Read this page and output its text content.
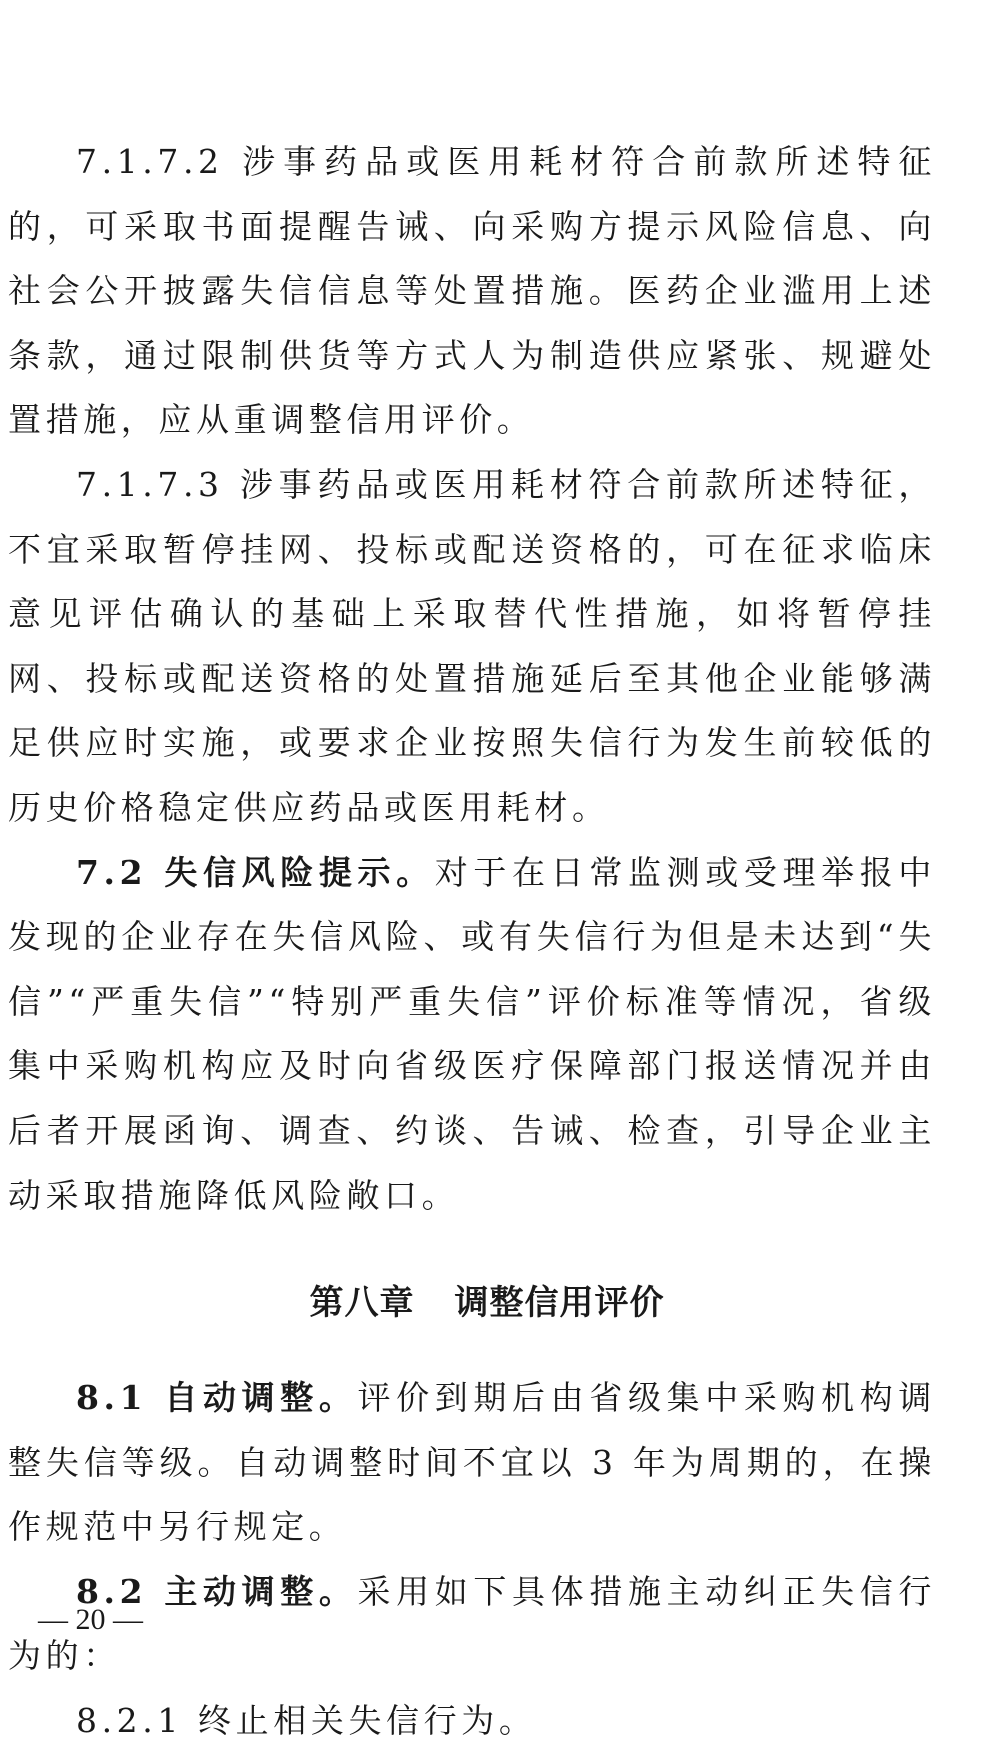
7.1.7.2 涉事药品或医用耗材符合前款所述特征的，可采取书面提醒告诫、向采购方提示风险信息、向社会公开披露失信信息等处置措施。医药企业滥用上述条款，通过限制供货等方式人为制造供应紧张、规避处置措施，应从重调整信用评价。

7.1.7.3 涉事药品或医用耗材符合前款所述特征，不宜采取暂停挂网、投标或配送资格的，可在征求临床意见评估确认的基础上采取替代性措施，如将暂停挂网、投标或配送资格的处置措施延后至其他企业能够满足供应时实施，或要求企业按照失信行为发生前较低的历史价格稳定供应药品或医用耗材。

7.2 失信风险提示。对于在日常监测或受理举报中发现的企业存在失信风险、或有失信行为但是未达到“失信”“严重失信”“特别严重失信”评价标准等情况，省级集中采购机构应及时向省级医疗保障部门报送情况并由后者开展函询、调查、约谈、告诫、检查，引导企业主动采取措施降低风险敞口。

第八章 调整信用评价

8.1 自动调整。评价到期后由省级集中采购机构调整失信等级。自动调整时间不宜以 3 年为周期的，在操作规范中另行规定。

8.2 主动调整。采用如下具体措施主动纠正失信行为的：

8.2.1 终止相关失信行为。

— 20 —
